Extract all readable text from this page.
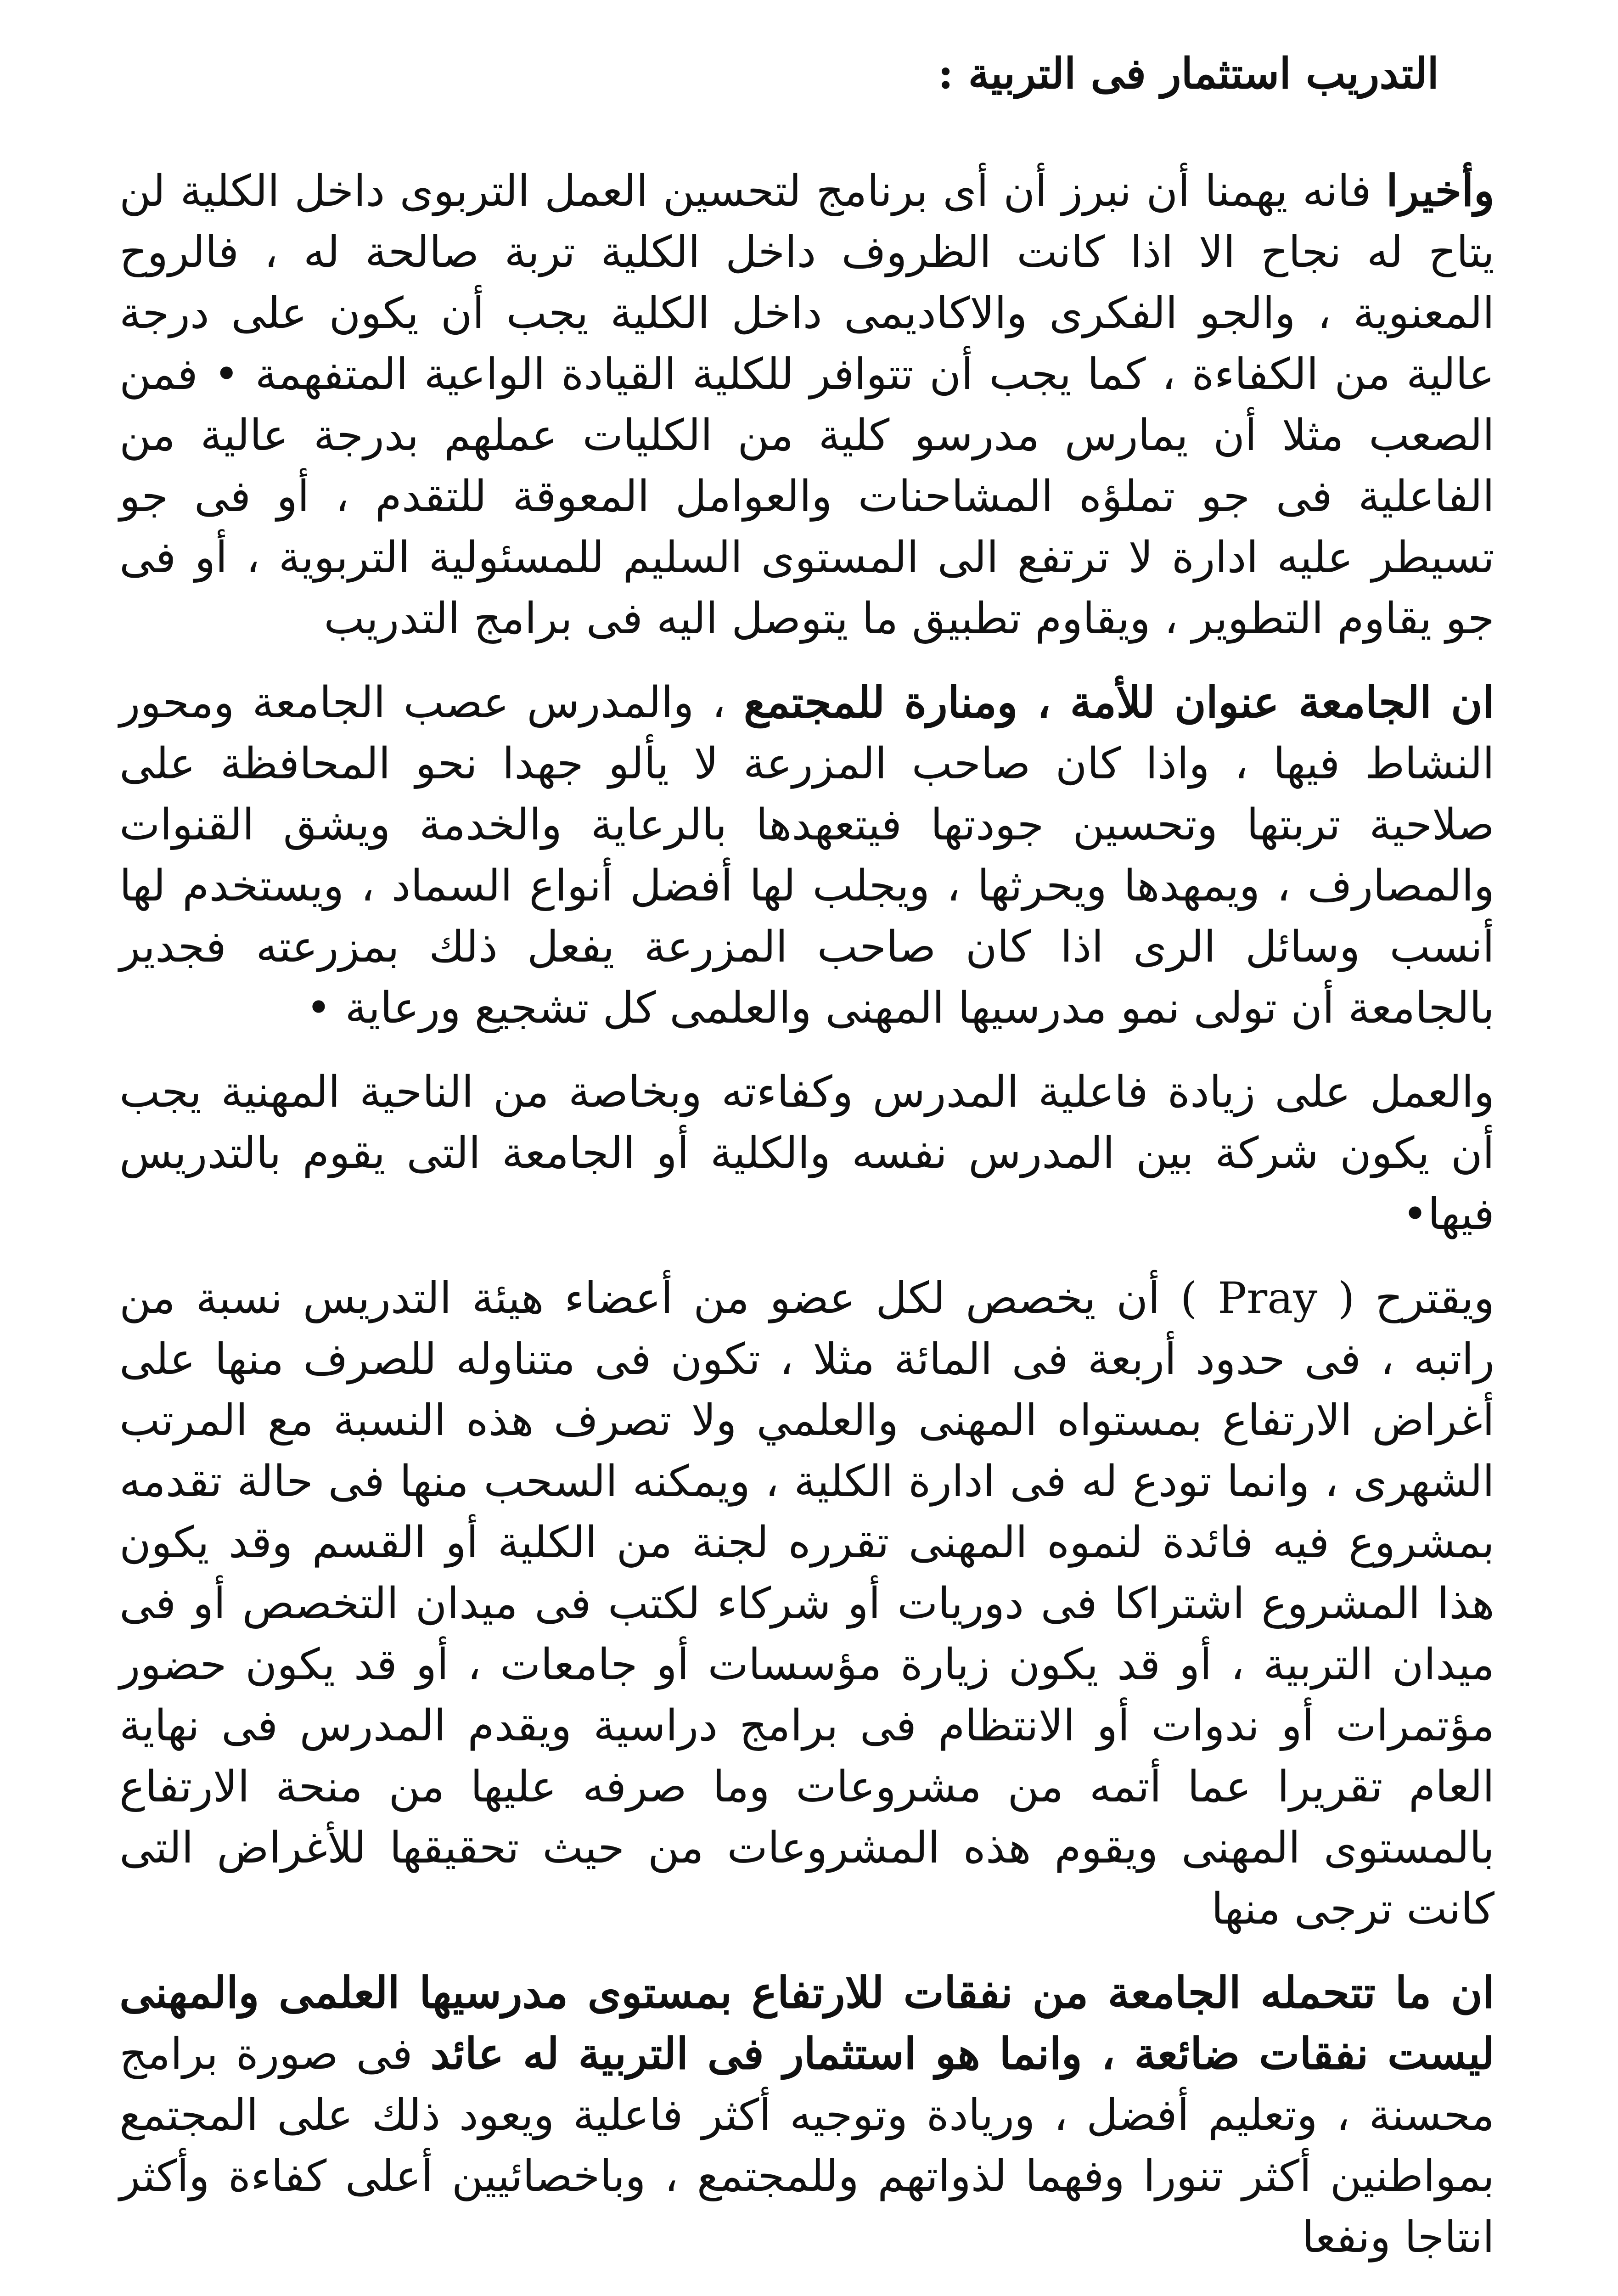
التدريب استثمار فى التربية :

وأخيرا فانه يهمنا أن نبرز أن أى برنامج لتحسين العمل التربوى داخل الكلية لن يتاح له نجاح الا اذا كانت الظروف داخل الكلية تربة صالحة له ، فالروح المعنوية ، والجو الفكرى والاكاديمى داخل الكلية يجب أن يكون على درجة عالية من الكفاءة ، كما يجب أن تتوافر للكلية القيادة الواعية المتفهمة • فمن الصعب مثلا أن يمارس مدرسو كلية من الكليات عملهم بدرجة عالية من الفاعلية فى جو تملؤه المشاحنات والعوامل المعوقة للتقدم ، أو فى جو تسيطر عليه ادارة لا ترتفع الى المستوى السليم للمسئولية التربوية ، أو فى جو يقاوم التطوير ، ويقاوم تطبيق ما يتوصل اليه فى برامج التدريب

ان الجامعة عنوان للأمة ، ومنارة للمجتمع ، والمدرس عصب الجامعة ومحور النشاط فيها ، واذا كان صاحب المزرعة لا يألو جهدا نحو المحافظة على صلاحية تربتها وتحسين جودتها فيتعهدها بالرعاية والخدمة ويشق القنوات والمصارف ، ويمهدها ويحرثها ، ويجلب لها أفضل أنواع السماد ، ويستخدم لها أنسب وسائل الرى اذا كان صاحب المزرعة يفعل ذلك بمزرعته فجدير بالجامعة أن تولى نمو مدرسيها المهنى والعلمى كل تشجيع ورعاية •

والعمل على زيادة فاعلية المدرس وكفاءته وبخاصة من الناحية المهنية يجب أن يكون شركة بين المدرس نفسه والكلية أو الجامعة التى يقوم بالتدريس فيها•

ويقترح ( Pray ) أن يخصص لكل عضو من أعضاء هيئة التدريس نسبة من راتبه ، فى حدود أربعة فى المائة مثلا ، تكون فى متناوله للصرف منها على أغراض الارتفاع بمستواه المهنى والعلمي ولا تصرف هذه النسبة مع المرتب الشهرى ، وانما تودع له فى ادارة الكلية ، ويمكنه السحب منها فى حالة تقدمه بمشروع فيه فائدة لنموه المهنى تقرره لجنة من الكلية أو القسم وقد يكون هذا المشروع اشتراكا فى دوريات أو شركاء لكتب فى ميدان التخصص أو فى ميدان التربية ، أو قد يكون زيارة مؤسسات أو جامعات ، أو قد يكون حضور مؤتمرات أو ندوات أو الانتظام فى برامج دراسية ويقدم المدرس فى نهاية العام تقريرا عما أتمه من مشروعات وما صرفه عليها من منحة الارتفاع بالمستوى المهنى ويقوم هذه المشروعات من حيث تحقيقها للأغراض التى كانت ترجى منها

ان ما تتحمله الجامعة من نفقات للارتفاع بمستوى مدرسيها العلمى والمهنى ليست نفقات ضائعة ، وانما هو استثمار فى التربية له عائد فى صورة برامج محسنة ، وتعليم أفضل ، وريادة وتوجيه أكثر فاعلية ويعود ذلك على المجتمع بمواطنين أكثر تنورا وفهما لذواتهم وللمجتمع ، وباخصائيين أعلى كفاءة وأكثر انتاجا ونفعا
